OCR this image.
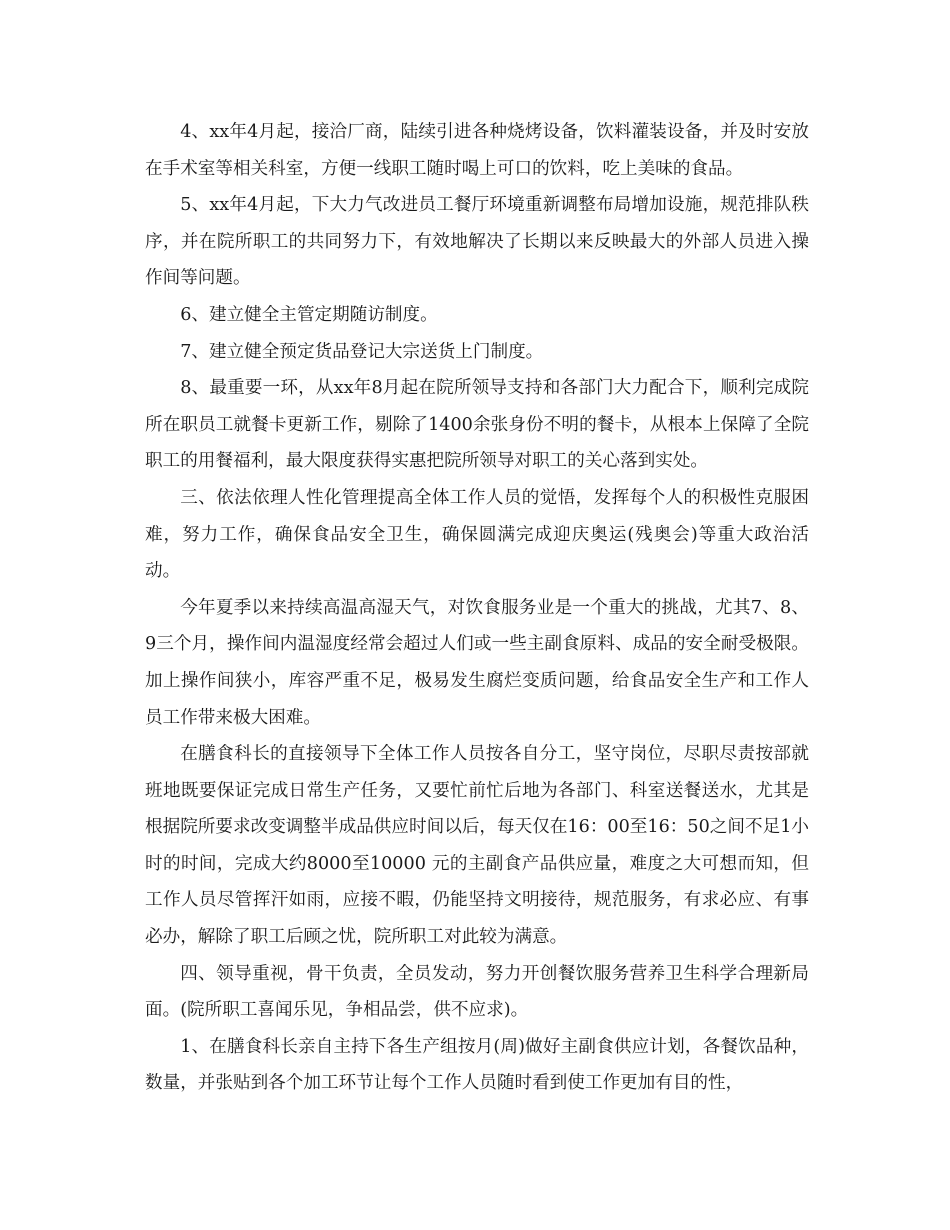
4、xx年4月起，接洽厂商，陆续引进各种烧烤设备，饮料灌装设备，并及时安放在手术室等相关科室，方便一线职工随时喝上可口的饮料，吃上美味的食品。

5、xx年4月起，下大力气改进员工餐厅环境重新调整布局增加设施，规范排队秩序，并在院所职工的共同努力下，有效地解决了长期以来反映最大的外部人员进入操作间等问题。

6、建立健全主管定期随访制度。

7、建立健全预定货品登记大宗送货上门制度。

8、最重要一环，从xx年8月起在院所领导支持和各部门大力配合下，顺利完成院所在职员工就餐卡更新工作，剔除了1400余张身份不明的餐卡，从根本上保障了全院职工的用餐福利，最大限度获得实惠把院所领导对职工的关心落到实处。

三、依法依理人性化管理提高全体工作人员的觉悟，发挥每个人的积极性克服困难，努力工作，确保食品安全卫生，确保圆满完成迎庆奥运(残奥会)等重大政治活动。

今年夏季以来持续高温高湿天气，对饮食服务业是一个重大的挑战，尤其7、8、9三个月，操作间内温湿度经常会超过人们或一些主副食原料、成品的安全耐受极限。加上操作间狭小，库容严重不足，极易发生腐烂变质问题，给食品安全生产和工作人员工作带来极大困难。

在膳食科长的直接领导下全体工作人员按各自分工，坚守岗位，尽职尽责按部就班地既要保证完成日常生产任务，又要忙前忙后地为各部门、科室送餐送水，尤其是根据院所要求改变调整半成品供应时间以后，每天仅在16：00至16：50之间不足1小时的时间，完成大约8000至10000 元的主副食产品供应量，难度之大可想而知，但工作人员尽管挥汗如雨，应接不暇，仍能坚持文明接待，规范服务，有求必应、有事必办，解除了职工后顾之忧，院所职工对此较为满意。

四、领导重视，骨干负责，全员发动，努力开创餐饮服务营养卫生科学合理新局面。(院所职工喜闻乐见，争相品尝，供不应求)。

1、在膳食科长亲自主持下各生产组按月(周)做好主副食供应计划，各餐饮品种，数量，并张贴到各个加工环节让每个工作人员随时看到使工作更加有目的性，
